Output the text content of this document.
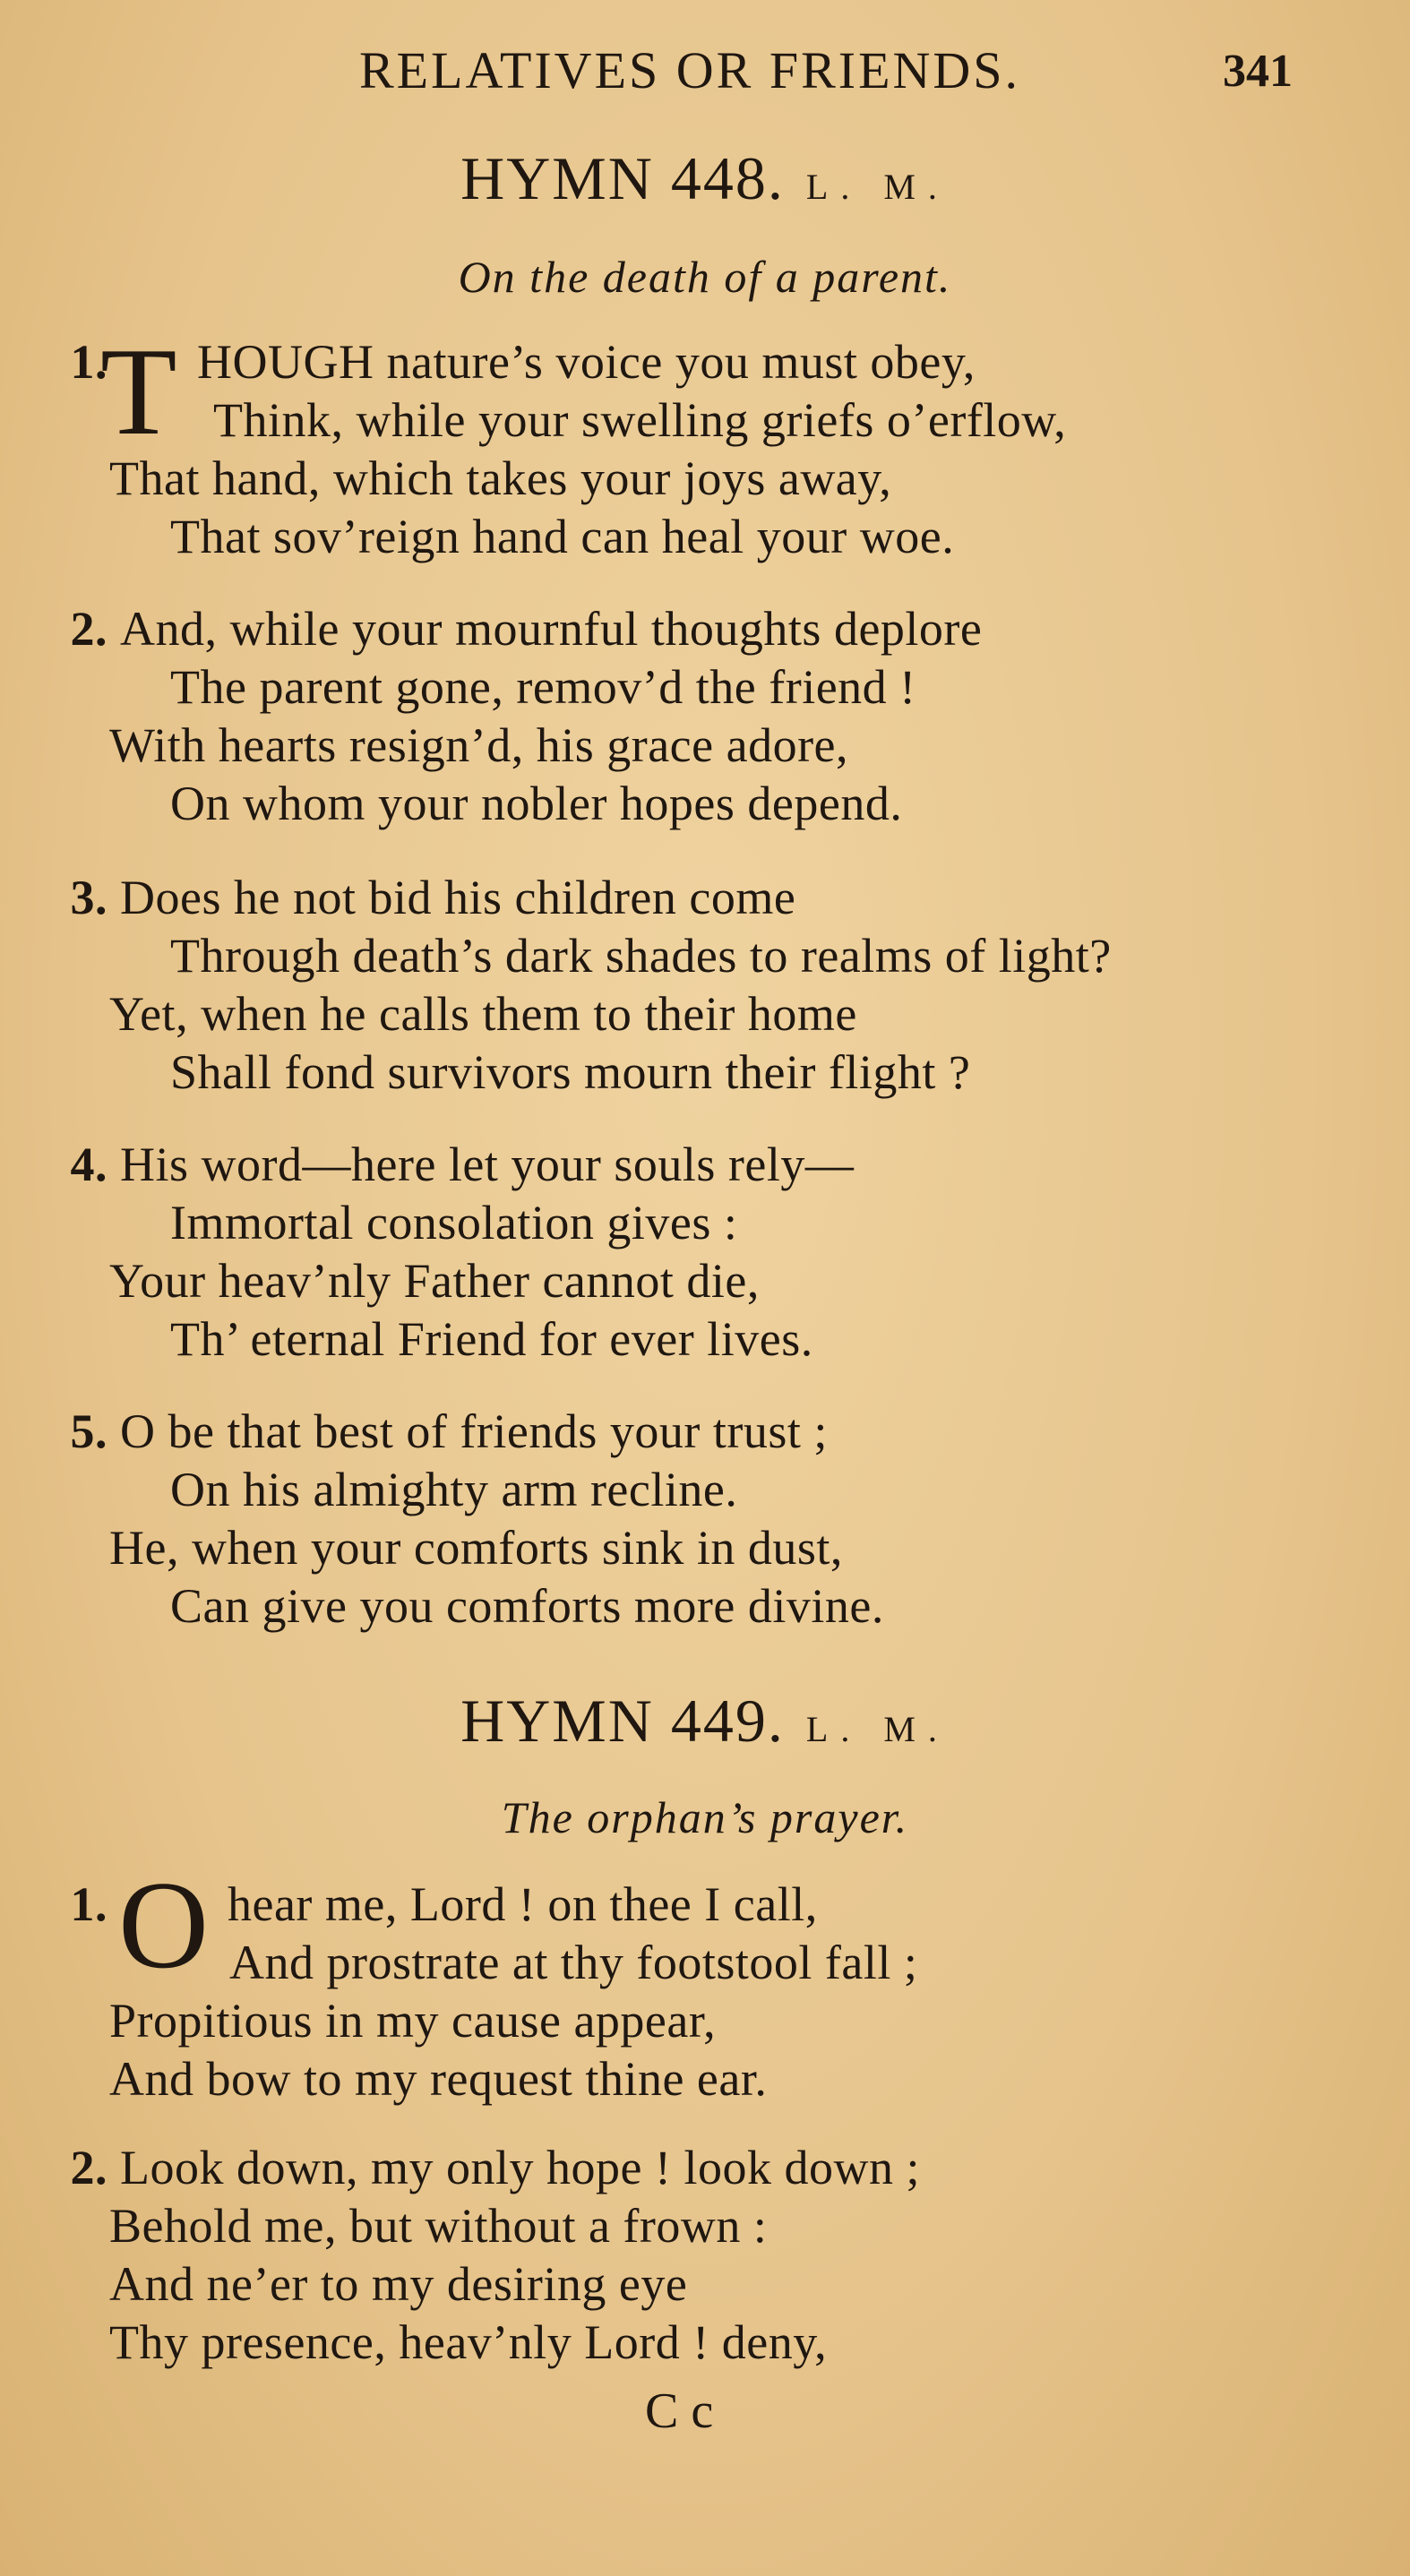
RELATIVES OR FRIENDS.	341
HYMN 448. L. M.
On the death of a parent.
T
1. HOUGH nature’s voice you must obey,
Think, while your swelling griefs o’erflow,
That hand, which takes your joys away,
That sov’reign hand can heal your woe.
2. And, while your mournful thoughts deplore
The parent gone, remov’d the friend !
With hearts resign’d, his grace adore,
On whom your nobler hopes depend.
3. Does he not bid his children come
Through death’s dark shades to realms of light?
Yet, when he calls them to their home
Shall fond survivors mourn their flight ?
4. His word—here let your souls rely—
Immortal consolation gives :
Your heav’nly Father cannot die,
Th’ eternal Friend for ever lives.
5. O be that best of friends your trust ;
On his almighty arm recline.
He, when your comforts sink in dust,
Can give you comforts more divine.
HYMN 449. L. M.
The orphan’s prayer.
O
1. hear me, Lord ! on thee I call,
And prostrate at thy footstool fall ;
Propitious in my cause appear,
And bow to my request thine ear.
2. Look down, my only hope ! look down ;
Behold me, but without a frown :
And ne’er to my desiring eye
Thy presence, heav’nly Lord ! deny,
C c
